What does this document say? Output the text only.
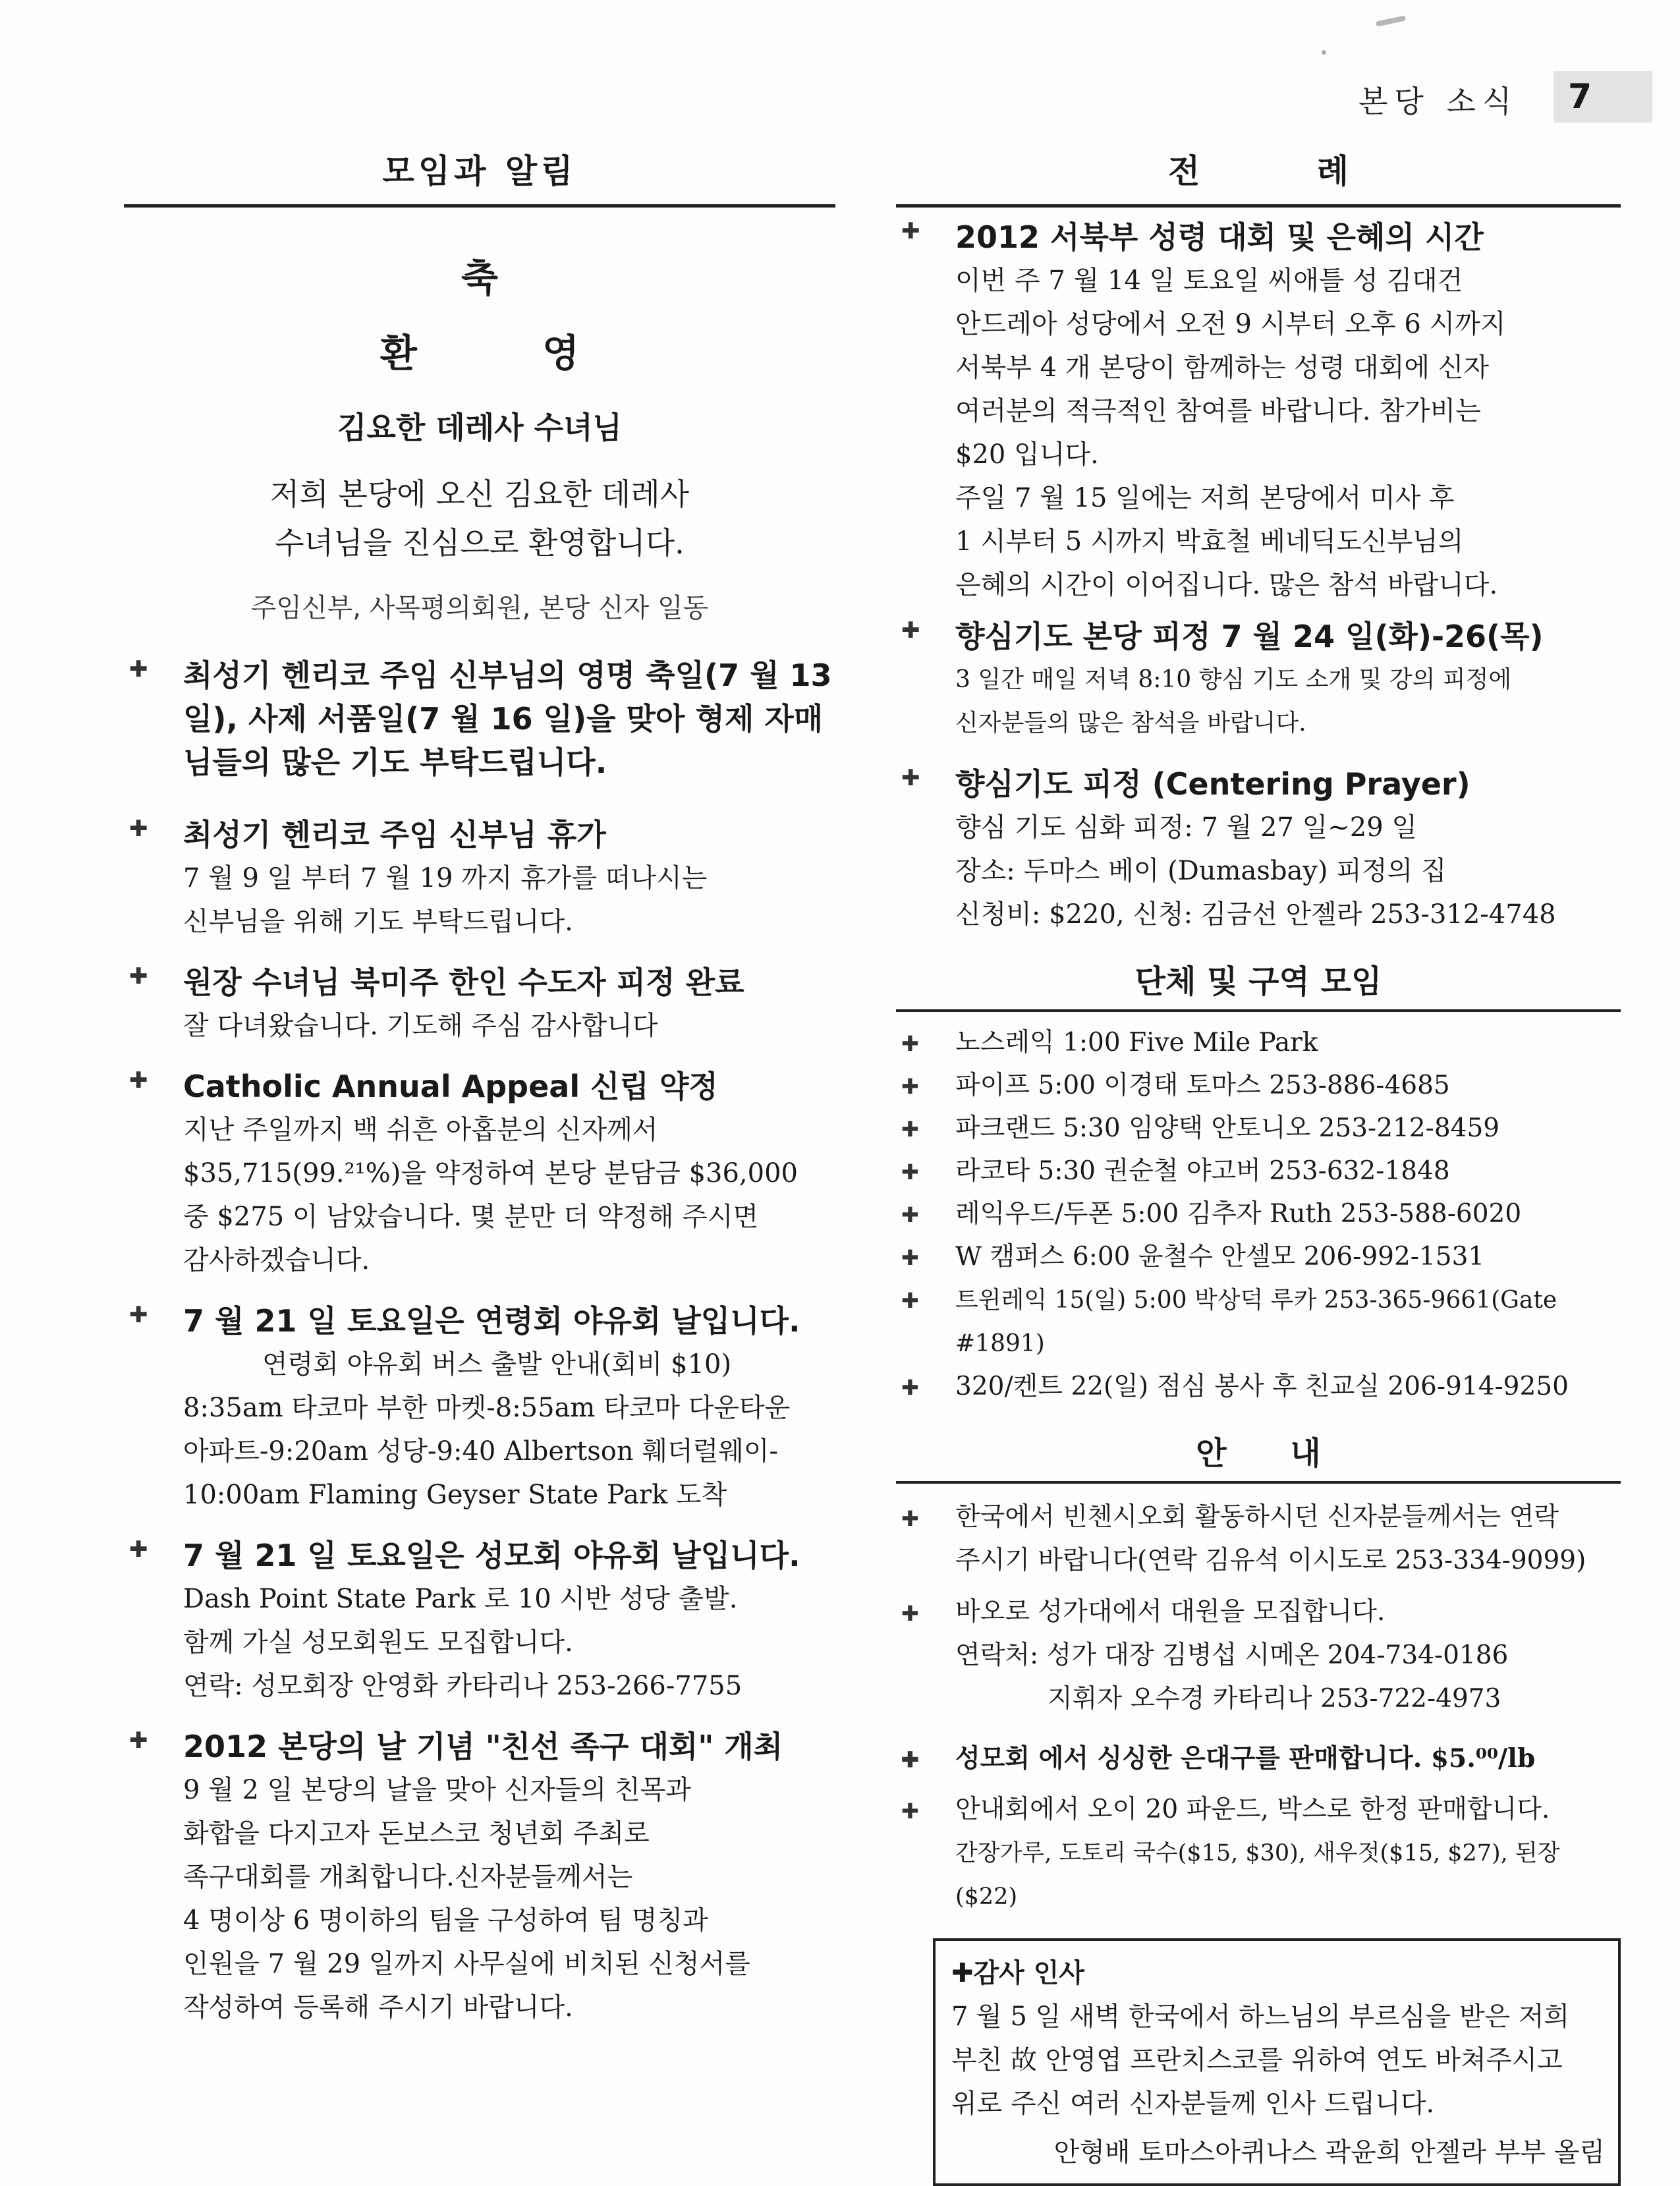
본당 소식	7
모임과 알림
축
환 영
김요한 데레사 수녀님
저희 본당에 오신 김요한 데레사
수녀님을 진심으로 환영합니다.
주임신부, 사목평의회원, 본당 신자 일동
✚ 최성기 헨리코 주임 신부님의 영명 축일(7 월 13 일), 사제 서품일(7 월 16 일)을 맞아 형제 자매님들의 많은 기도 부탁드립니다.
✚ 최성기 헨리코 주임 신부님 휴가
7 월 9 일 부터 7 월 19 까지 휴가를 떠나시는
신부님을 위해 기도 부탁드립니다.
✚ 원장 수녀님 북미주 한인 수도자 피정 완료
잘 다녀왔습니다. 기도해 주심 감사합니다
✚ Catholic Annual Appeal 신립 약정
지난 주일까지 백 쉬흔 아홉분의 신자께서
$35,715(99.²¹%)을 약정하여 본당 분담금 $36,000
중 $275 이 남았습니다. 몇 분만 더 약정해 주시면
감사하겠습니다.
✚ 7 월 21 일 토요일은 연령회 야유회 날입니다.
연령회 야유회 버스 출발 안내(회비 $10)
8:35am 타코마 부한 마켓-8:55am 타코마 다운타운
아파트-9:20am 성당-9:40 Albertson 훼더럴웨이-
10:00am Flaming Geyser State Park 도착
✚ 7 월 21 일 토요일은 성모회 야유회 날입니다.
Dash Point State Park 로 10 시반 성당 출발.
함께 가실 성모회원도 모집합니다.
연락: 성모회장 안영화 카타리나 253-266-7755
✚ 2012 본당의 날 기념 "친선 족구 대회" 개최
9 월 2 일 본당의 날을 맞아 신자들의 친목과
화합을 다지고자 돈보스코 청년회 주최로
족구대회를 개최합니다.신자분들께서는
4 명이상 6 명이하의 팀을 구성하여 팀 명칭과
인원을 7 월 29 일까지 사무실에 비치된 신청서를
작성하여 등록해 주시기 바랍니다.
전 례
✚ 2012 서북부 성령 대회 및 은혜의 시간
이번 주 7 월 14 일 토요일 씨애틀 성 김대건
안드레아 성당에서 오전 9 시부터 오후 6 시까지
서북부 4 개 본당이 함께하는 성령 대회에 신자
여러분의 적극적인 참여를 바랍니다. 참가비는
$20 입니다.
주일 7 월 15 일에는 저희 본당에서 미사 후
1 시부터 5 시까지 박효철 베네딕도신부님의
은혜의 시간이 이어집니다. 많은 참석 바랍니다.
✚ 향심기도 본당 피정 7 월 24 일(화)-26(목)
3 일간 매일 저녁 8:10 향심 기도 소개 및 강의 피정에
신자분들의 많은 참석을 바랍니다.
✚ 향심기도 피정 (Centering Prayer)
향심 기도 심화 피정: 7 월 27 일~29 일
장소: 두마스 베이 (Dumasbay) 피정의 집
신청비: $220, 신청: 김금선 안젤라 253-312-4748
단체 및 구역 모임
✚ 노스레익 1:00 Five Mile Park
✚ 파이프 5:00 이경태 토마스 253-886-4685
✚ 파크랜드 5:30 임양택 안토니오 253-212-8459
✚ 라코타 5:30 권순철 야고버 253-632-1848
✚ 레익우드/두폰 5:00 김추자 Ruth 253-588-6020
✚ W 캠퍼스 6:00 윤철수 안셀모 206-992-1531
✚ 트윈레익 15(일) 5:00 박상덕 루카 253-365-9661(Gate #1891)
✚ 320/켄트 22(일) 점심 봉사 후 친교실 206-914-9250
안 내
✚ 한국에서 빈첸시오회 활동하시던 신자분들께서는 연락
주시기 바랍니다(연락 김유석 이시도로 253-334-9099)
✚ 바오로 성가대에서 대원을 모집합니다.
연락처: 성가 대장 김병섭 시메온 204-734-0186
지휘자 오수경 카타리나 253-722-4973
✚ 성모회 에서 싱싱한 은대구를 판매합니다. $5.⁰⁰/lb
✚ 안내회에서 오이 20 파운드, 박스로 한정 판매합니다.
간장가루, 도토리 국수($15, $30), 새우젓($15, $27), 된장($22)
✚감사 인사
7 월 5 일 새벽 한국에서 하느님의 부르심을 받은 저희
부친 故 안영엽 프란치스코를 위하여 연도 바쳐주시고
위로 주신 여러 신자분들께 인사 드립니다.
안형배 토마스아퀴나스 곽윤희 안젤라 부부 올림
